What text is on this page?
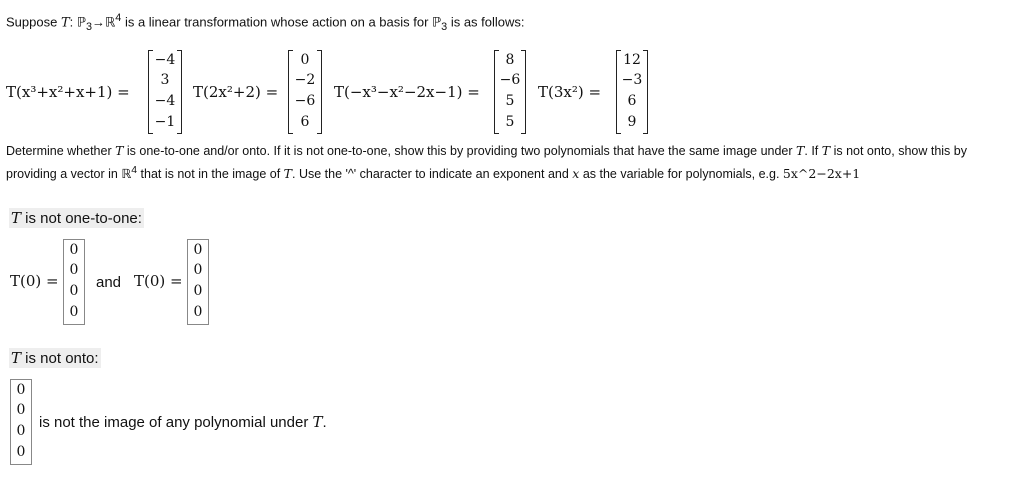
Suppose T: ℙ$_3$→ℝ$^4$ is a linear transformation whose action on a basis for ℙ$_3$ is as follows:
T(x³+x²+x+1) =
−4
3
−4
−1
T(2x²+2) =
0
−2
−6
6
T(−x³−x²−2x−1) =
8
−6
5
5
T(3x²) =
12
−3
6
9
Determine whether T is one-to-one and/or onto. If it is not one-to-one, show this by providing two polynomials that have the same image under T. If T is not onto, show this by providing a vector in ℝ$^4$ that is not in the image of T. Use the '^' character to indicate an exponent and x as the variable for polynomials, e.g. 5x^2−2x+1
T is not one-to-one:
T(0) =
0
0
0
0
and T(0) =
0
0
0
0
T is not onto:
0
0
0
0
is not the image of any polynomial under T.
